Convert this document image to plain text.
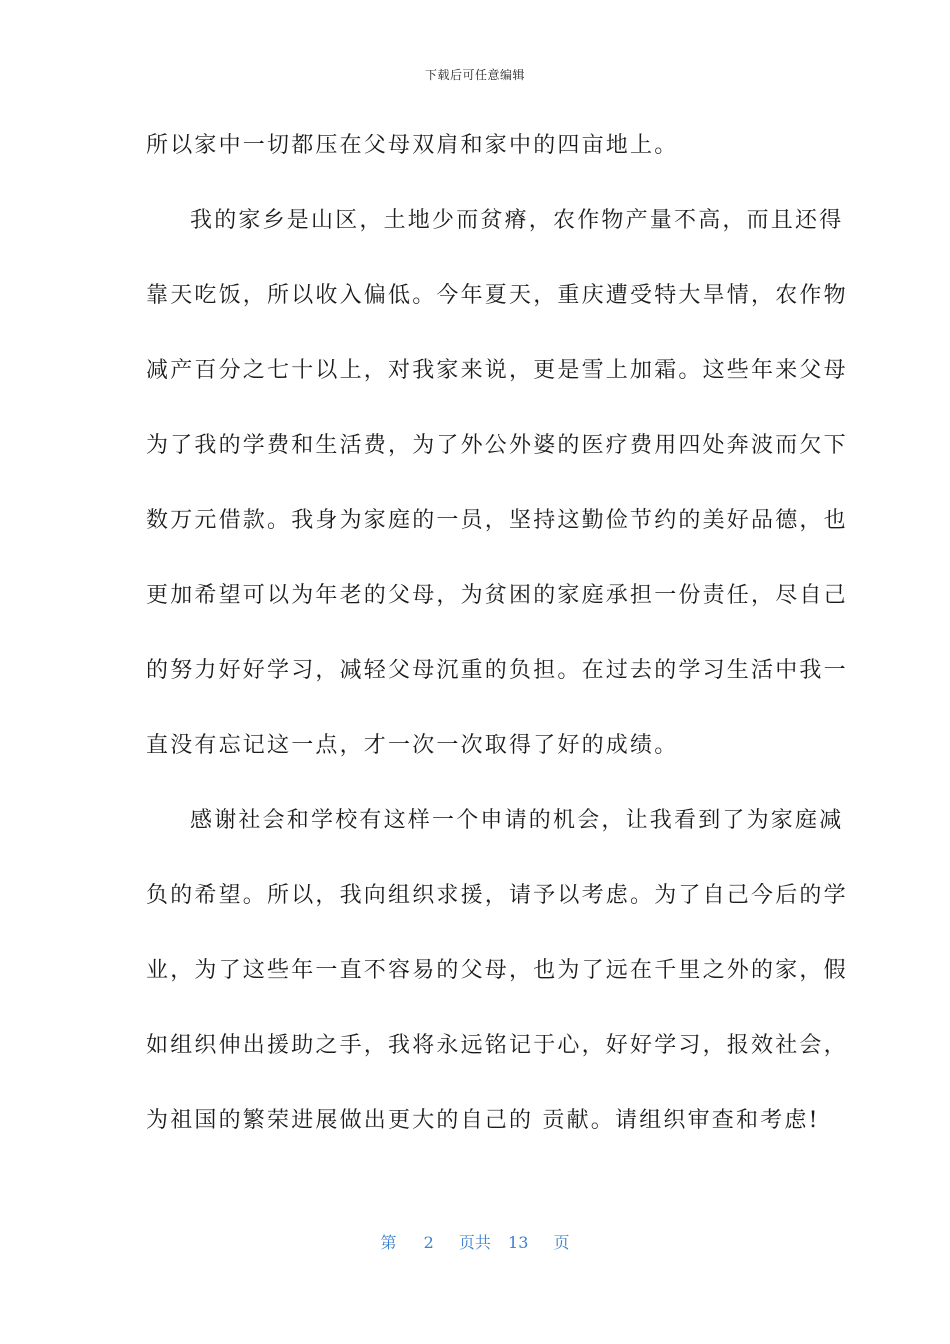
下载后可任意编辑
所以家中一切都压在父母双肩和家中的四亩地上。
我的家乡是山区，土地少而贫瘠，农作物产量不高，而且还得
靠天吃饭，所以收入偏低。今年夏天，重庆遭受特大旱情，农作物
减产百分之七十以上，对我家来说，更是雪上加霜。这些年来父母
为了我的学费和生活费，为了外公外婆的医疗费用四处奔波而欠下
数万元借款。我身为家庭的一员，坚持这勤俭节约的美好品德，也
更加希望可以为年老的父母，为贫困的家庭承担一份责任，尽自己
的努力好好学习，减轻父母沉重的负担。在过去的学习生活中我一
直没有忘记这一点，才一次一次取得了好的成绩。
感谢社会和学校有这样一个申请的机会，让我看到了为家庭减
负的希望。所以，我向组织求援，请予以考虑。为了自己今后的学
业，为了这些年一直不容易的父母，也为了远在千里之外的家，假
如组织伸出援助之手，我将永远铭记于心，好好学习，报效社会，
为祖国的繁荣进展做出更大的自己的 贡献。请组织审查和考虑!
第 2 页共 13 页
